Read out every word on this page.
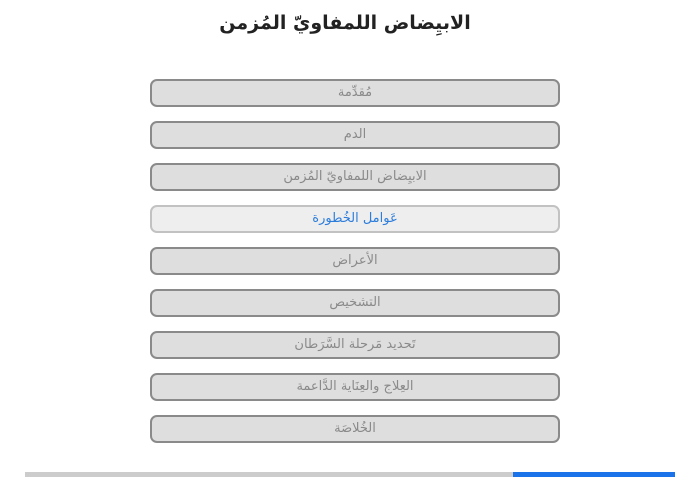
الابيِضاض اللمفاويّ المُزمن
مُقدِّمة
الدم
الابيِضاض اللمفاويّ المُزمن
عَوامل الخُطورة
الأعراض
التشخيص
تَحديد مَرحلة السَّرَطان
العِلاج والعِنَاية الدَّاعمة
الخُلاصَة
